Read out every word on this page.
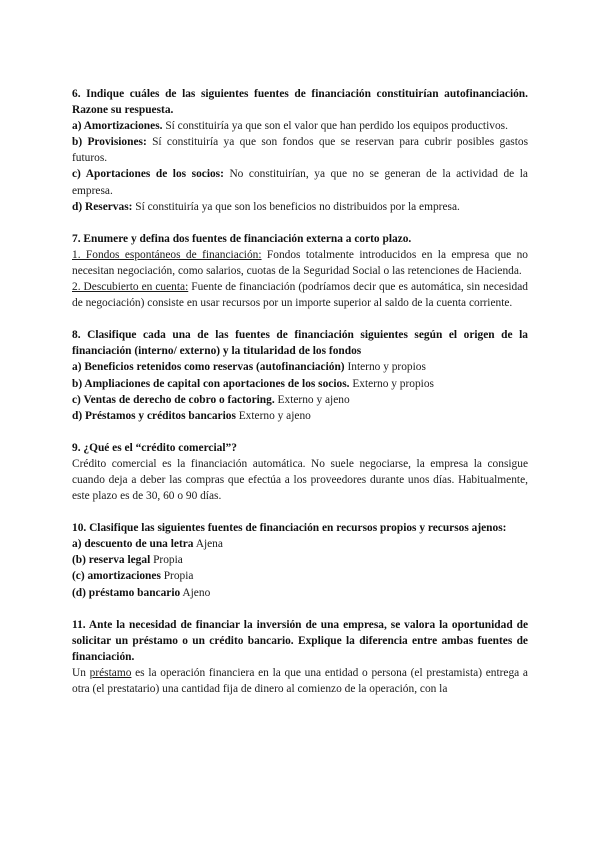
6. Indique cuáles de las siguientes fuentes de financiación constituirían autofinanciación. Razone su respuesta.

a) Amortizaciones. Sí constituiría ya que son el valor que han perdido los equipos productivos.

b) Provisiones: Sí constituiría ya que son fondos que se reservan para cubrir posibles gastos futuros.

c) Aportaciones de los socios: No constituirían, ya que no se generan de la actividad de la empresa.

d) Reservas: Sí constituiría ya que son los beneficios no distribuidos por la empresa.

7. Enumere y defina dos fuentes de financiación externa a corto plazo.

1. Fondos espontáneos de financiación: Fondos totalmente introducidos en la empresa que no necesitan negociación, como salarios, cuotas de la Seguridad Social o las retenciones de Hacienda.

2. Descubierto en cuenta: Fuente de financiación (podríamos decir que es automática, sin necesidad de negociación) consiste en usar recursos por un importe superior al saldo de la cuenta corriente.

8. Clasifique cada una de las fuentes de financiación siguientes según el origen de la financiación (interno/ externo) y la titularidad de los fondos

a) Beneficios retenidos como reservas (autofinanciación) Interno y propios

b) Ampliaciones de capital con aportaciones de los socios. Externo y propios

c) Ventas de derecho de cobro o factoring. Externo y ajeno

d) Préstamos y créditos bancarios Externo y ajeno

9. ¿Qué es el “crédito comercial”?

Crédito comercial es la financiación automática. No suele negociarse, la empresa la consigue cuando deja a deber las compras que efectúa a los proveedores durante unos días. Habitualmente, este plazo es de 30, 60 o 90 días.

10. Clasifique las siguientes fuentes de financiación en recursos propios y recursos ajenos:

a) descuento de una letra Ajena

(b) reserva legal Propia

(c) amortizaciones Propia

(d) préstamo bancario Ajeno

11. Ante la necesidad de financiar la inversión de una empresa, se valora la oportunidad de solicitar un préstamo o un crédito bancario. Explique la diferencia entre ambas fuentes de financiación.

Un préstamo es la operación financiera en la que una entidad o persona (el prestamista) entrega a otra (el prestatario) una cantidad fija de dinero al comienzo de la operación, con la
